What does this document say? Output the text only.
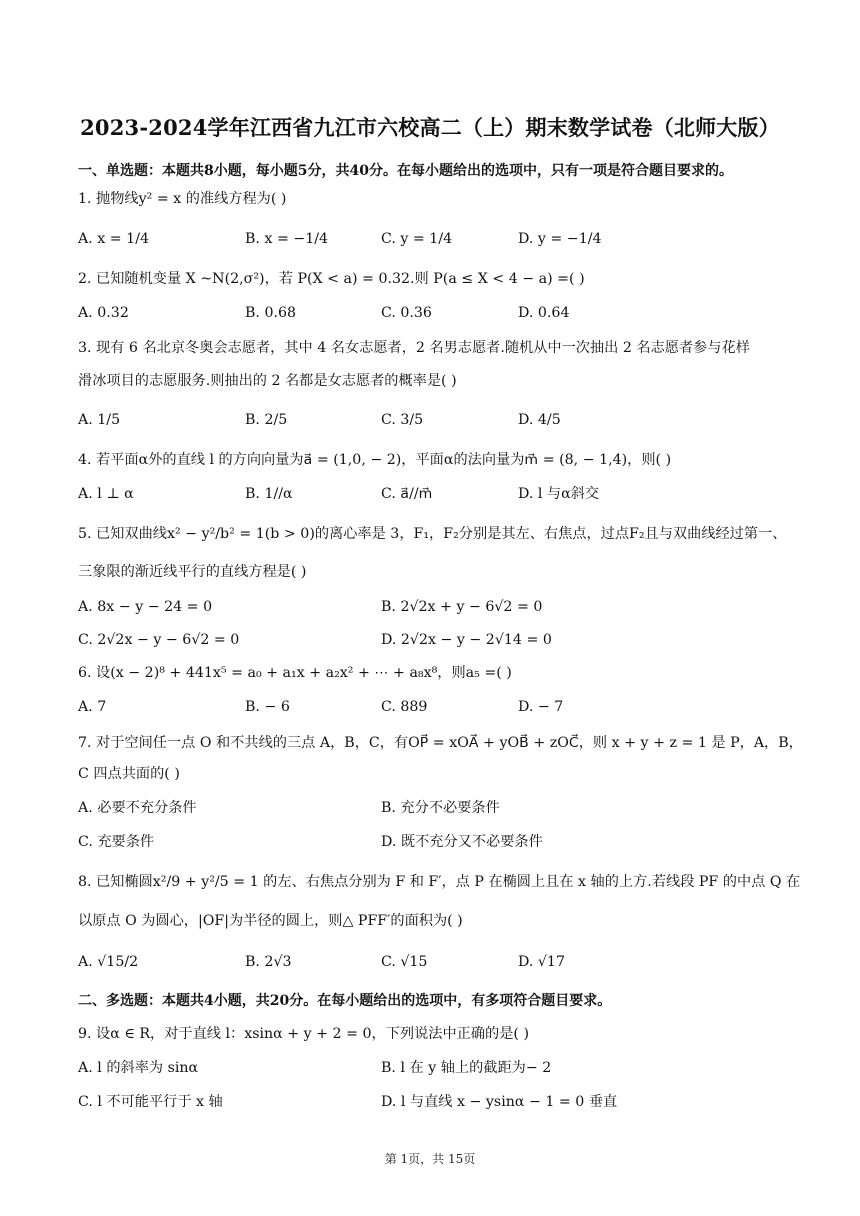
2023-2024学年江西省九江市六校高二（上）期末数学试卷（北师大版）
一、单选题：本题共8小题，每小题5分，共40分。在每小题给出的选项中，只有一项是符合题目要求的。
1. 抛物线y² = x 的准线方程为( )
A. x = 1/4	B. x = −1/4	C. y = 1/4	D. y = −1/4
2. 已知随机变量 X ~N(2,σ²)，若 P(X < a) = 0.32.则 P(a ≤ X < 4 − a) =( )
A. 0.32	B. 0.68	C. 0.36	D. 0.64
3. 现有 6 名北京冬奥会志愿者，其中 4 名女志愿者，2 名男志愿者.随机从中一次抽出 2 名志愿者参与花样
滑冰项目的志愿服务.则抽出的 2 名都是女志愿者的概率是( )
A. 1/5	B. 2/5	C. 3/5	D. 4/5
4. 若平面α外的直线 l 的方向向量为a⃗ = (1,0, − 2)，平面α的法向量为m⃗ = (8, − 1,4)，则( )
A. l ⊥ α	B. 1//α	C. a⃗//m⃗	D. l 与α斜交
5. 已知双曲线x² − y²/b² = 1(b > 0)的离心率是 3，F₁，F₂分别是其左、右焦点，过点F₂且与双曲线经过第一、
三象限的渐近线平行的直线方程是( )
A. 8x − y − 24 = 0	B. 2√2x + y − 6√2 = 0
C. 2√2x − y − 6√2 = 0	D. 2√2x − y − 2√14 = 0
6. 设(x − 2)⁸ + 441x⁵ = a₀ + a₁x + a₂x² + ⋯ + a₈x⁸，则a₅ =( )
A. 7	B. − 6	C. 889	D. − 7
7. 对于空间任一点 O 和不共线的三点 A，B，C，有OP⃗ = xOA⃗ + yOB⃗ + zOC⃗，则 x + y + z = 1 是 P，A，B，
C 四点共面的( )
A. 必要不充分条件	B. 充分不必要条件
C. 充要条件	D. 既不充分又不必要条件
8. 已知椭圆x²/9 + y²/5 = 1 的左、右焦点分别为 F 和 F′，点 P 在椭圆上且在 x 轴的上方.若线段 PF 的中点 Q 在
以原点 O 为圆心，|OF|为半径的圆上，则△ PFF′的面积为( )
A. √15/2	B. 2√3	C. √15	D. √17
二、多选题：本题共4小题，共20分。在每小题给出的选项中，有多项符合题目要求。
9. 设α ∈ R，对于直线 l：xsinα + y + 2 = 0，下列说法中正确的是( )
A. l 的斜率为 sinα	B. l 在 y 轴上的截距为− 2
C. l 不可能平行于 x 轴	D. l 与直线 x − ysinα − 1 = 0 垂直
第 1页，共 15页
